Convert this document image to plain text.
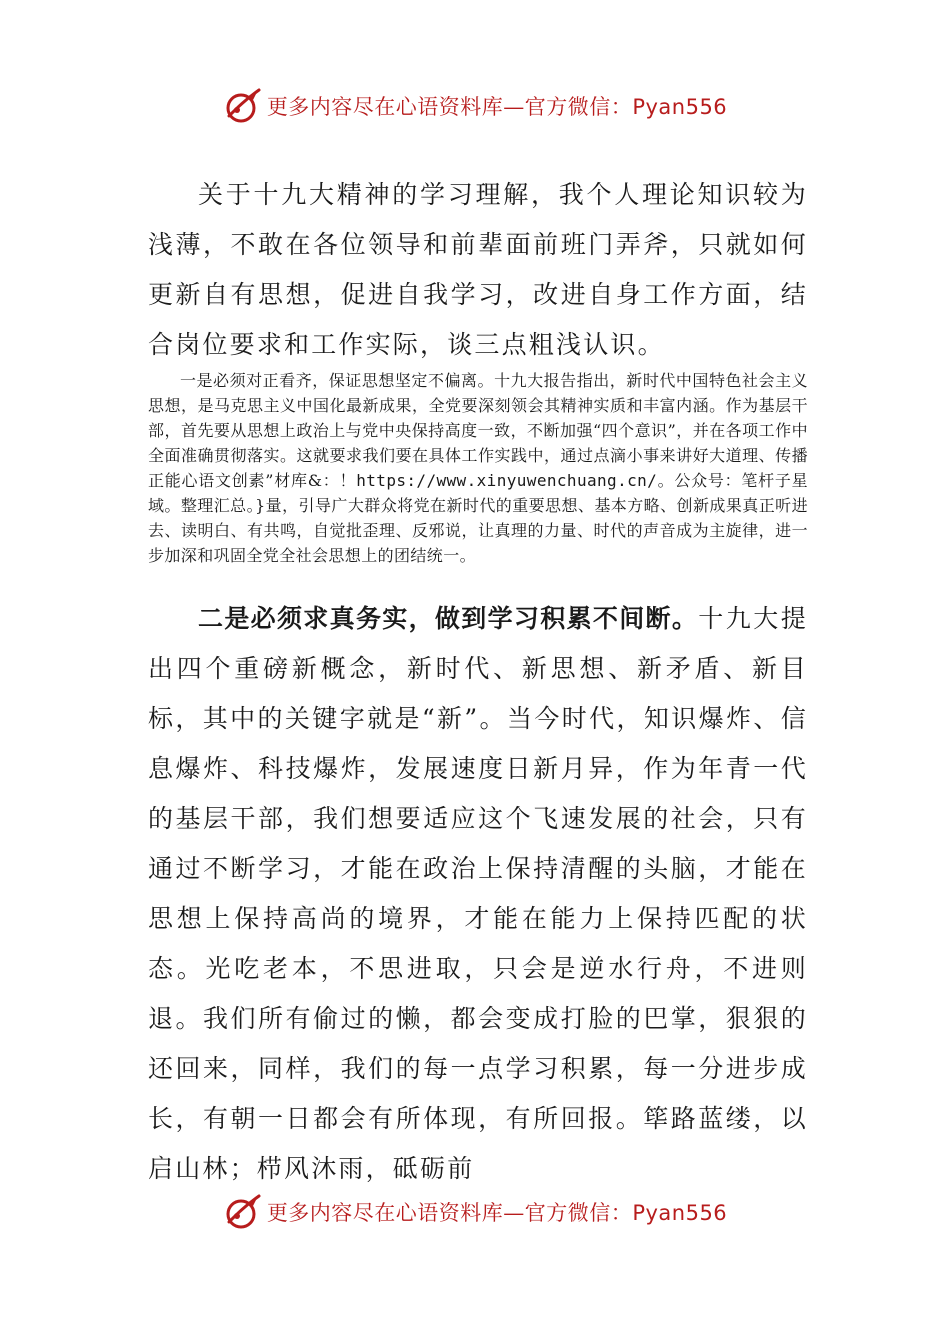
更多内容尽在心语资料库—官方微信：Pyan556

关于十九大精神的学习理解，我个人理论知识较为浅薄，不敢在各位领导和前辈面前班门弄斧，只就如何更新自有思想，促进自我学习，改进自身工作方面，结合岗位要求和工作实际，谈三点粗浅认识。

一是必须对正看齐，保证思想坚定不偏离。十九大报告指出，新时代中国特色社会主义思想，是马克思主义中国化最新成果，全党要深刻领会其精神实质和丰富内涵。作为基层干部，首先要从思想上政治上与党中央保持高度一致，不断加强“四个意识”，并在各项工作中全面准确贯彻落实。这就要求我们要在具体工作实践中，通过点滴小事来讲好大道理、传播正能心语文创素”材库&：！https://www.xinyuwenchuang.cn/。公众号：笔杆子星域。整理汇总。}量，引导广大群众将党在新时代的重要思想、基本方略、创新成果真正听进去、读明白、有共鸣，自觉批歪理、反邪说，让真理的力量、时代的声音成为主旋律，进一步加深和巩固全党全社会思想上的团结统一。

二是必须求真务实，做到学习积累不间断。十九大提出四个重磅新概念，新时代、新思想、新矛盾、新目标，其中的关键字就是“新”。当今时代，知识爆炸、信息爆炸、科技爆炸，发展速度日新月异，作为年青一代的基层干部，我们想要适应这个飞速发展的社会，只有通过不断学习，才能在政治上保持清醒的头脑，才能在思想上保持高尚的境界，才能在能力上保持匹配的状态。光吃老本，不思进取，只会是逆水行舟，不进则退。我们所有偷过的懒，都会变成打脸的巴掌，狠狠的还回来，同样，我们的每一点学习积累，每一分进步成长，有朝一日都会有所体现，有所回报。筚路蓝缕，以启山林；栉风沐雨，砥砺前

更多内容尽在心语资料库—官方微信：Pyan556
